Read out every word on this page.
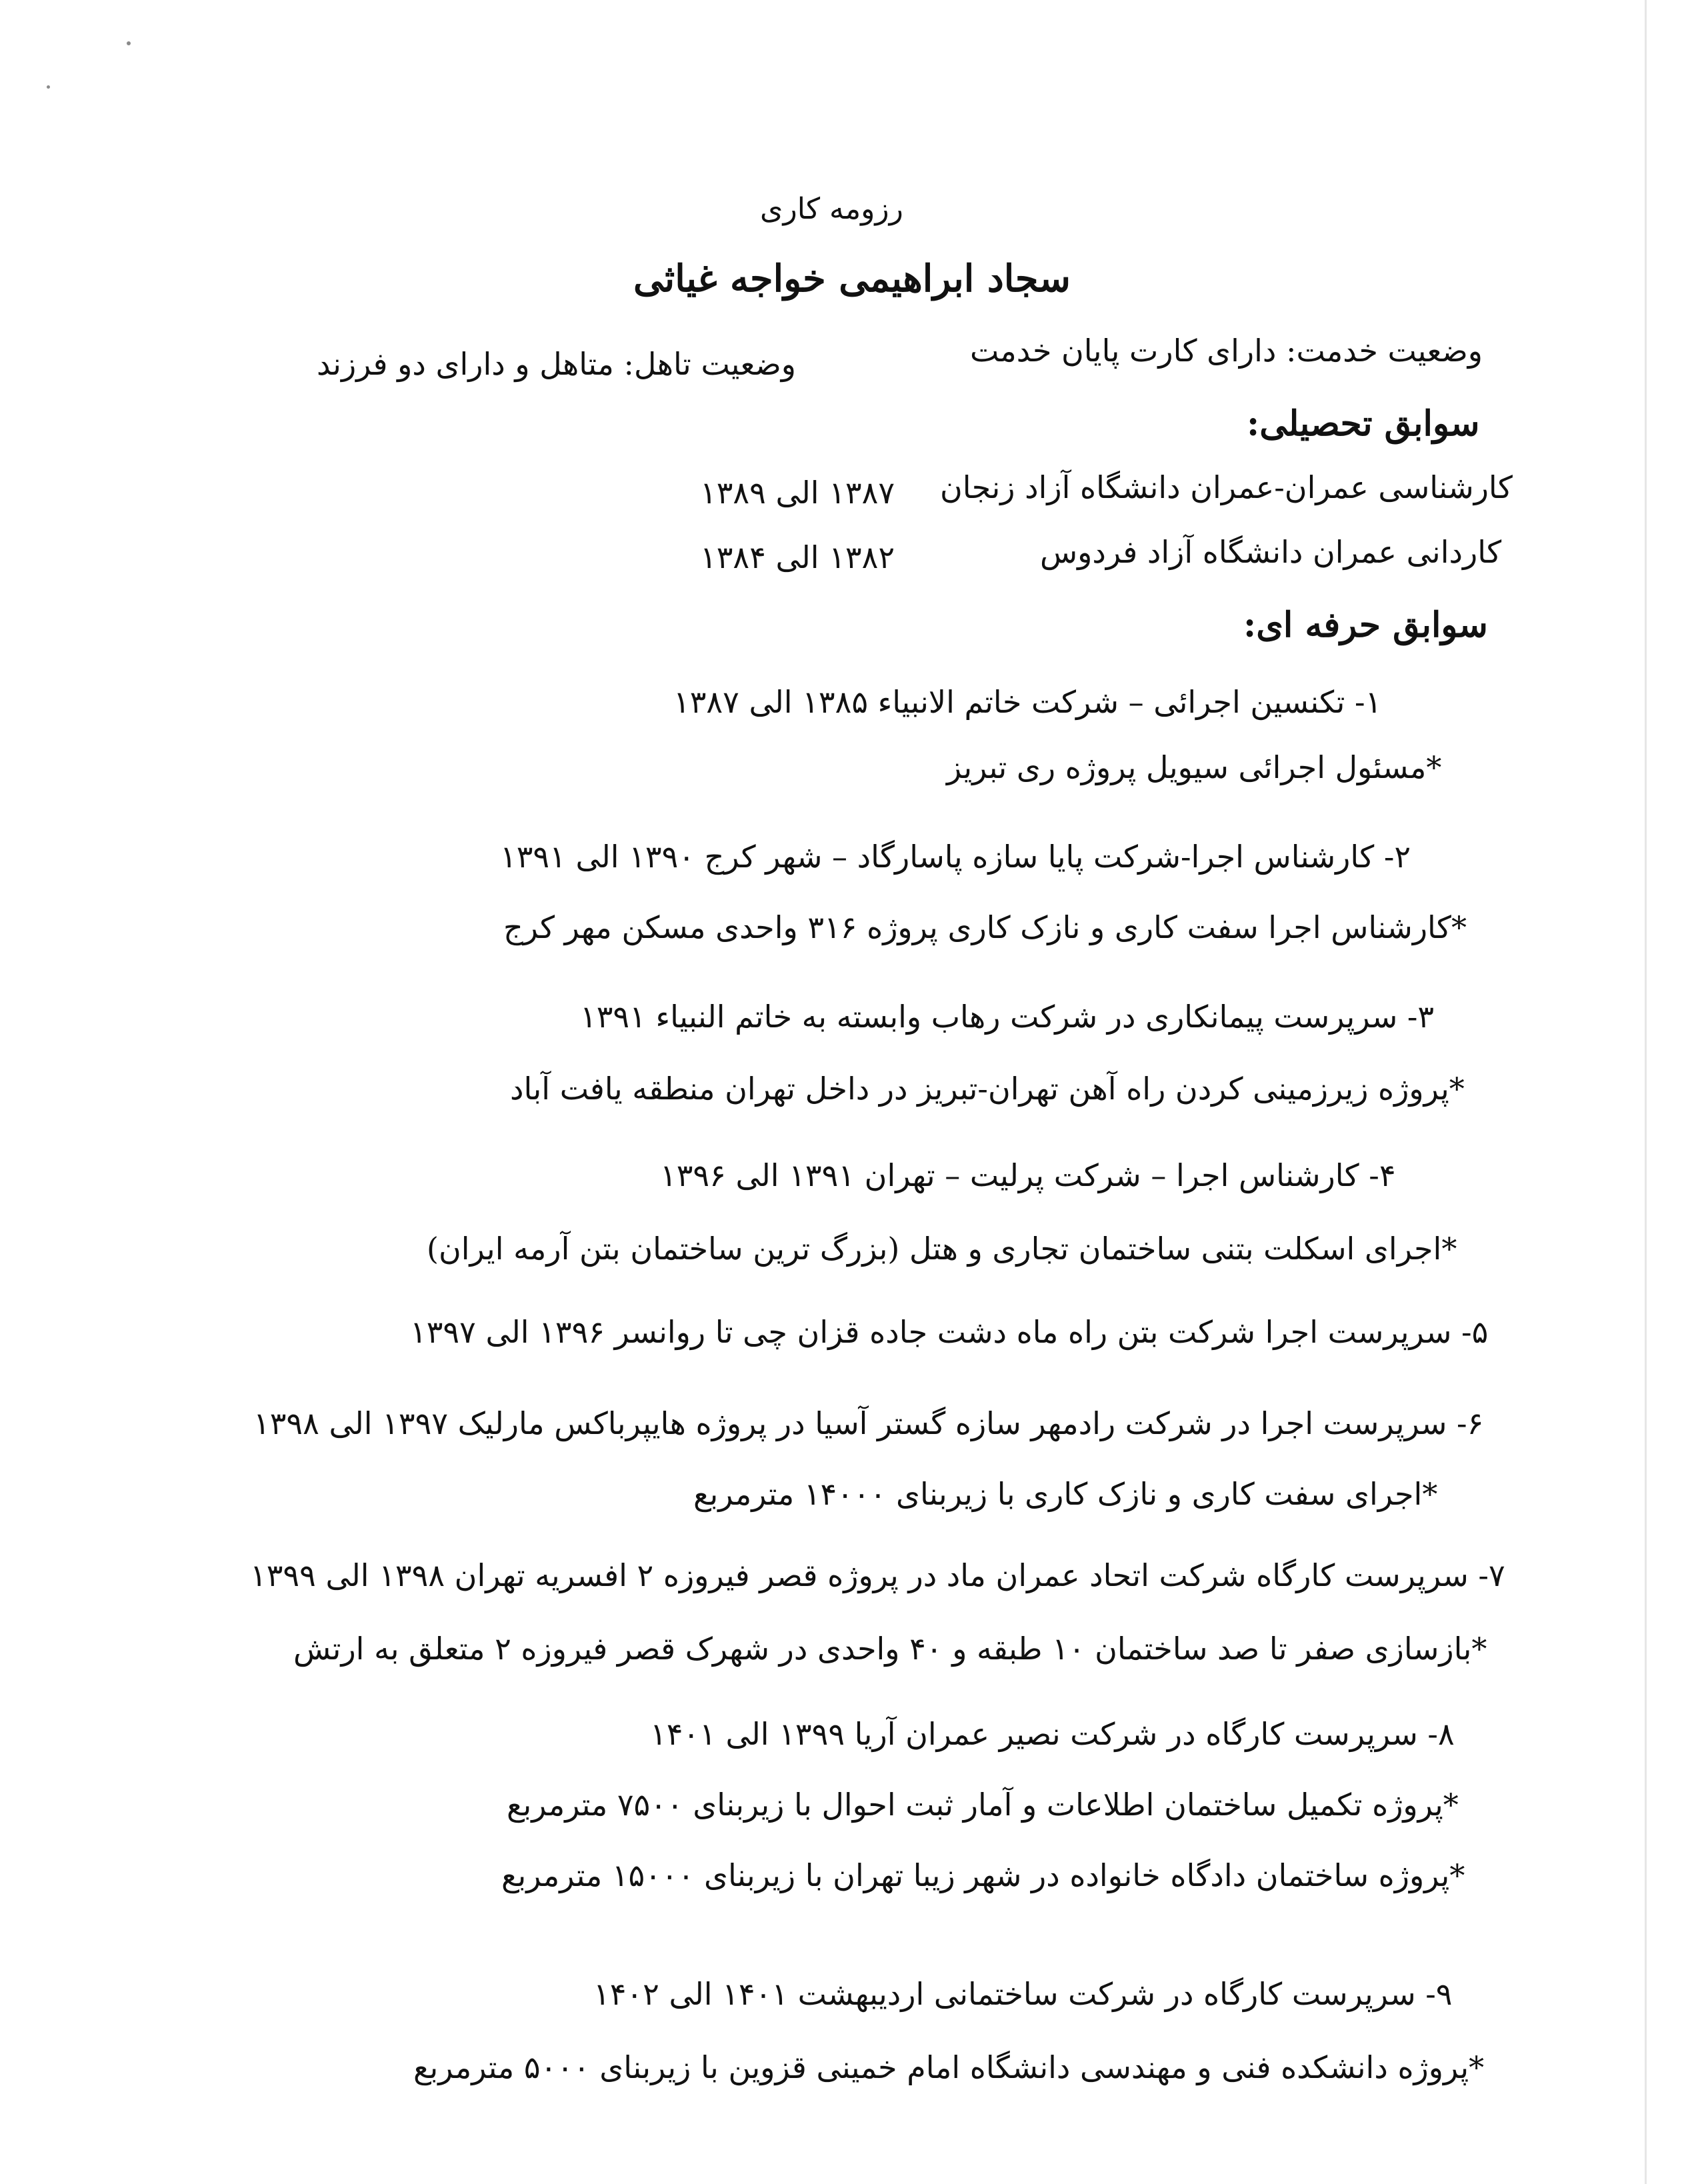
رزومه کاری
سجاد ابراهیمی خواجه غیاثی
وضعیت خدمت: دارای کارت پایان خدمت
وضعیت تاهل: متاهل و دارای دو فرزند
سوابق تحصیلی:
کارشناسی عمران-عمران دانشگاه آزاد زنجان
۱۳۸۷ الی ۱۳۸۹
کاردانی عمران دانشگاه آزاد فردوس
۱۳۸۲ الی ۱۳۸۴
سوابق حرفه ای:
۱- تکنسین اجرائی – شرکت خاتم الانبیاء ۱۳۸۵ الی ۱۳۸۷
*مسئول اجرائی سیویل پروژه ری تبریز
۲- کارشناس اجرا-شرکت پایا سازه پاسارگاد – شهر کرج ۱۳۹۰ الی ۱۳۹۱
*کارشناس اجرا سفت کاری و نازک کاری پروژه ۳۱۶ واحدی مسکن مهر کرج
۳- سرپرست پیمانکاری در شرکت رهاب وابسته به خاتم النبیاء ۱۳۹۱
*پروژه زیرزمینی کردن راه آهن تهران-تبریز در داخل تهران منطقه یافت آباد
۴- کارشناس اجرا – شرکت پرلیت – تهران ۱۳۹۱ الی ۱۳۹۶
*اجرای اسکلت بتنی ساختمان تجاری و هتل (بزرگ ترین ساختمان بتن آرمه ایران)
۵- سرپرست اجرا شرکت بتن راه ماه دشت جاده قزان چی تا روانسر ۱۳۹۶ الی ۱۳۹۷
۶- سرپرست اجرا در شرکت رادمهر سازه گستر آسیا در پروژه هایپرباکس مارلیک ۱۳۹۷ الی ۱۳۹۸
*اجرای سفت کاری و نازک کاری با زیربنای ۱۴۰۰۰ مترمربع
۷- سرپرست کارگاه شرکت اتحاد عمران ماد در پروژه قصر فیروزه ۲ افسریه تهران ۱۳۹۸ الی ۱۳۹۹
*بازسازی صفر تا صد ساختمان ۱۰ طبقه و ۴۰ واحدی در شهرک قصر فیروزه ۲ متعلق به ارتش
۸- سرپرست کارگاه در شرکت نصیر عمران آریا ۱۳۹۹ الی ۱۴۰۱
*پروژه تکمیل ساختمان اطلاعات و آمار ثبت احوال با زیربنای ۷۵۰۰ مترمربع
*پروژه ساختمان دادگاه خانواده در شهر زیبا تهران با زیربنای ۱۵۰۰۰ مترمربع
۹- سرپرست کارگاه در شرکت ساختمانی اردیبهشت ۱۴۰۱ الی ۱۴۰۲
*پروژه دانشکده فنی و مهندسی دانشگاه امام خمینی قزوین با زیربنای ۵۰۰۰ مترمربع
